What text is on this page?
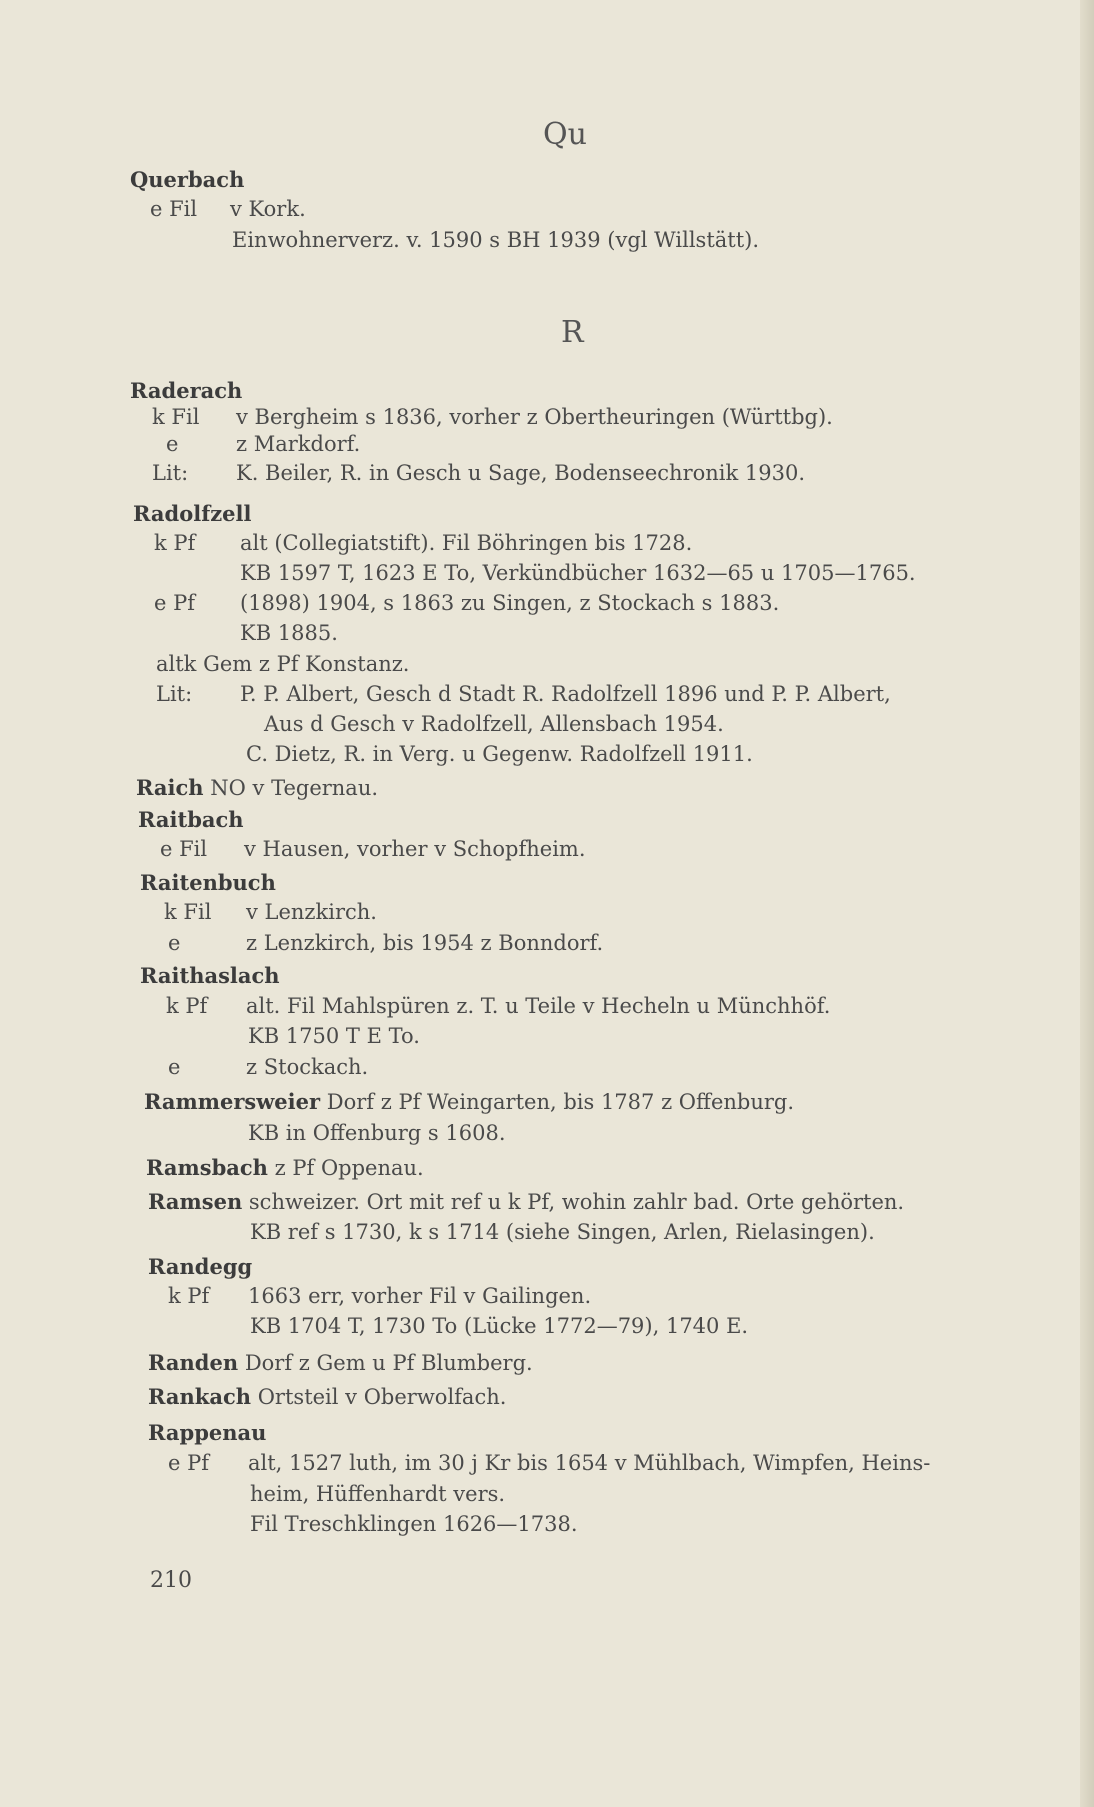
Qu
Querbach
e Fil v Kork.
Einwohnerverz. v. 1590 s BH 1939 (vgl Willstätt).
R
Raderach
k Fil v Bergheim s 1836, vorher z Obertheuringen (Württbg).
e	z Markdorf.
Lit: K. Beiler, R. in Gesch u Sage, Bodenseechronik 1930.
Radolfzell
k Pf alt (Collegiatstift). Fil Böhringen bis 1728.
KB 1597 T, 1623 E To, Verkündbücher 1632—65 u 1705—1765.
e Pf (1898) 1904, s 1863 zu Singen, z Stockach s 1883.
KB 1885.
altk Gem z Pf Konstanz.
Lit: P. P. Albert, Gesch d Stadt R. Radolfzell 1896 und P. P. Albert,
Aus d Gesch v Radolfzell, Allensbach 1954.
C. Dietz, R. in Verg. u Gegenw. Radolfzell 1911.
Raich NO v Tegernau.
Raitbach
e Fil v Hausen, vorher v Schopfheim.
Raitenbuch
k Fil v Lenzkirch.
e	z Lenzkirch, bis 1954 z Bonndorf.
Raithaslach
k Pf alt. Fil Mahlspüren z. T. u Teile v Hecheln u Münchhöf.
KB 1750 T E To.
e	z Stockach.
Rammersweier Dorf z Pf Weingarten, bis 1787 z Offenburg.
KB in Offenburg s 1608.
Ramsbach z Pf Oppenau.
Ramsen schweizer. Ort mit ref u k Pf, wohin zahlr bad. Orte gehörten.
KB ref s 1730, k s 1714 (siehe Singen, Arlen, Rielasingen).
Randegg
k Pf 1663 err, vorher Fil v Gailingen.
KB 1704 T, 1730 To (Lücke 1772—79), 1740 E.
Randen Dorf z Gem u Pf Blumberg.
Rankach Ortsteil v Oberwolfach.
Rappenau
e Pf alt, 1527 luth, im 30 j Kr bis 1654 v Mühlbach, Wimpfen, Heins-
heim, Hüffenhardt vers.
Fil Treschklingen 1626—1738.
210
